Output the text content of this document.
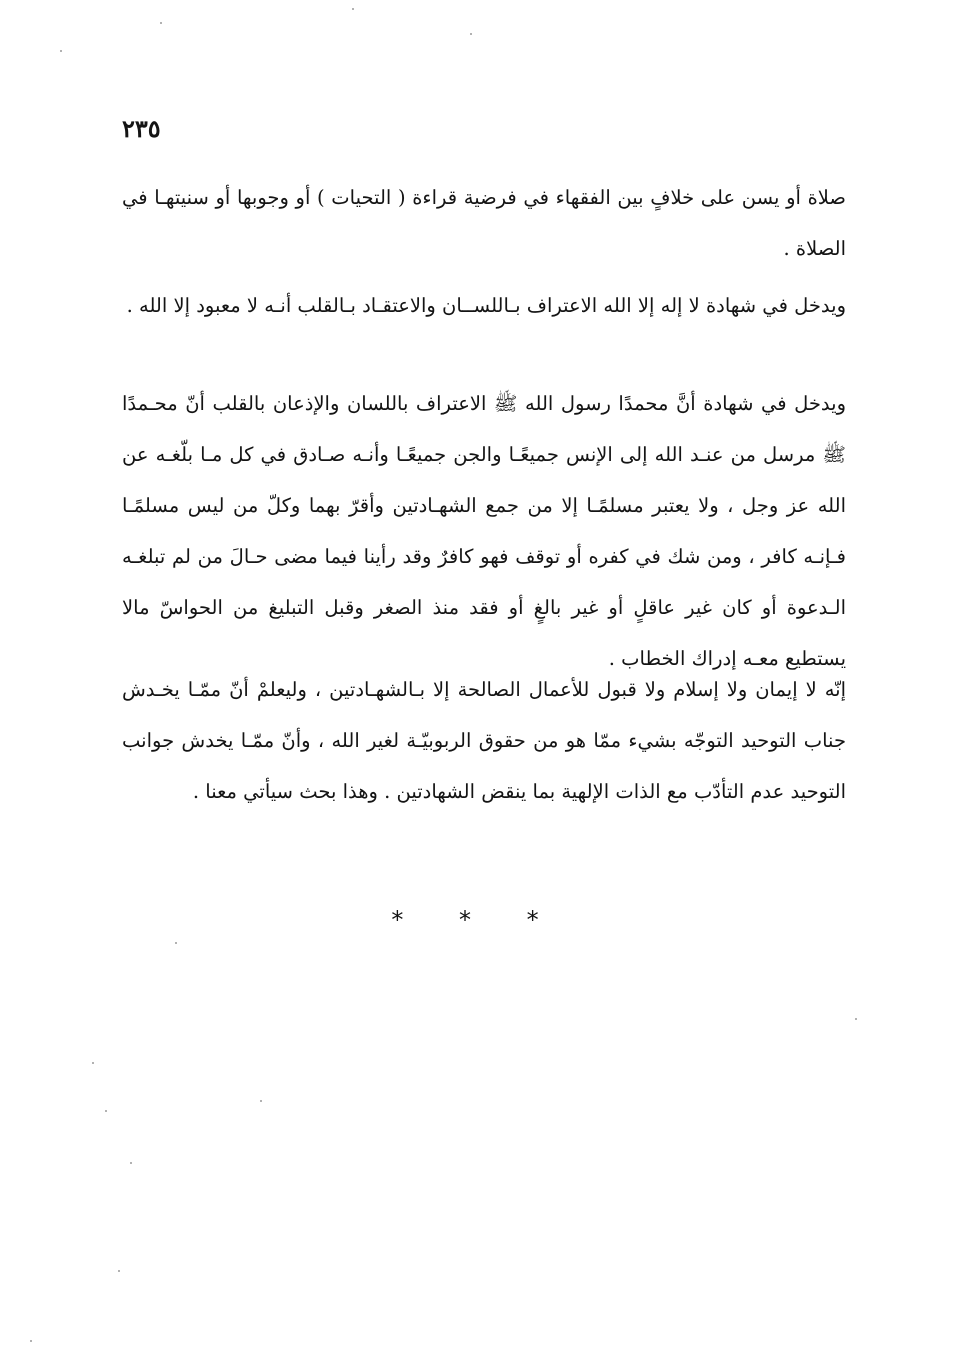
٢٣٥

صلاة أو يسن على خلافٍ بين الفقهاء في فرضية قراءة ( التحيات ) أو وجوبها أو سنيتهـا في الصلاة .

ويدخل في شهادة لا إله إلا الله الاعتراف بـاللســان والاعتقـاد بـالقلب أنـه لا معبود إلا الله .

ويدخل في شهادة أنَّ محمدًا رسول الله ﷺ الاعتراف باللسان والإذعان بالقلب أنّ محـمدًا ﷺ مرسل من عنـد الله إلى الإنس جميعًـا والجن جميعًـا وأنـه صـادق في كل مـا بلّغـه عن الله عز وجل ، ولا يعتبر مسلمًـا إلا من جمع الشهـادتين وأقرّ بهما وكلّ من ليس مسلمًـا فـإنـه كافر ، ومن شك في كفره أو توقف فهو كافرٌ وقد رأينا فيما مضى حـالَ من لم تبلغـه الـدعوة أو كان غير عاقلٍ أو غير بالغٍ أو فقد منذ الصغر وقبل التبليغ من الحواسّ مالا يستطيع معـه إدراك الخطاب .

إنّه لا إيمان ولا إسلام ولا قبول للأعمال الصالحة إلا بـالشهـادتين ، وليعلمْ أنّ ممّـا يخـدش جناب التوحيد التوجّه بشيء ممّا هو من حقوق الربوبيّـة لغير الله ، وأنّ ممّـا يخدش جوانب التوحيد عدم التأدّب مع الذات الإلهية بما ينقض الشهادتين . وهذا بحث سيأتي معنا .

* * *
